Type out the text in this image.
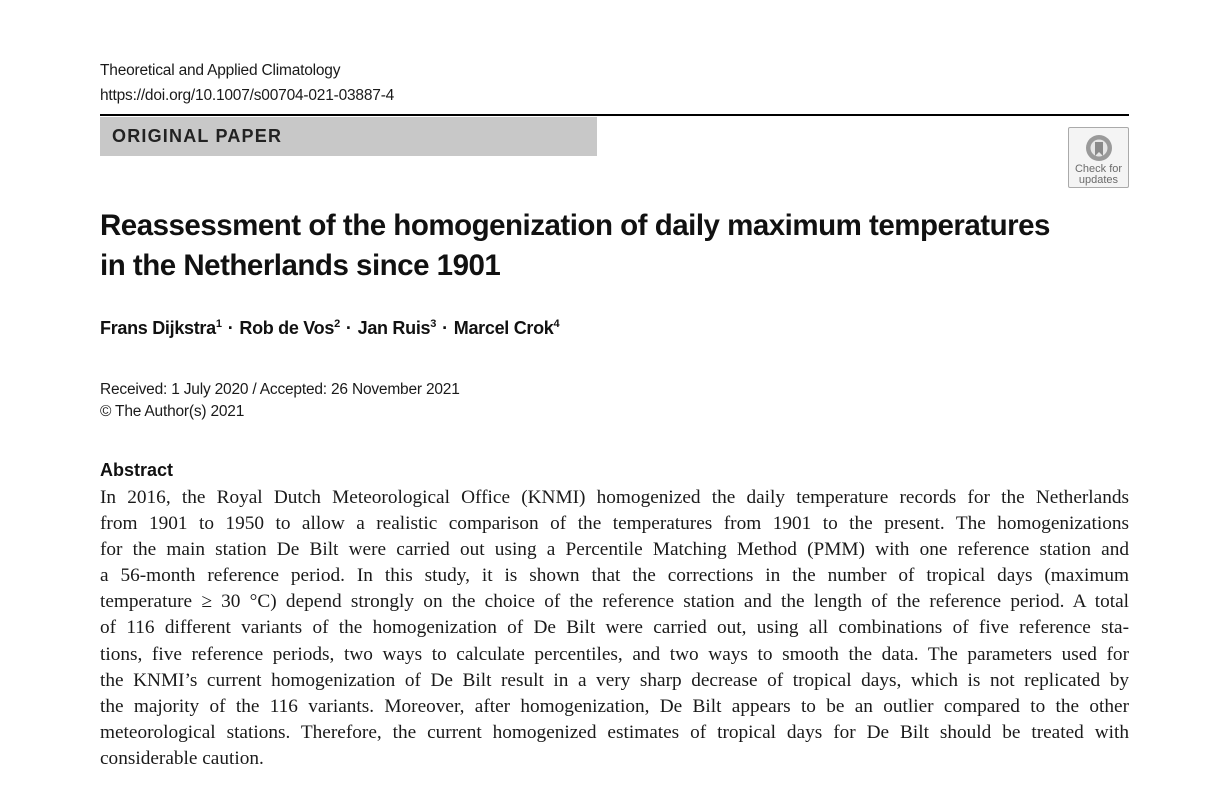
Theoretical and Applied Climatology
https://doi.org/10.1007/s00704-021-03887-4
ORIGINAL PAPER
Check for
updates
Reassessment of the homogenization of daily maximum temperatures
in the Netherlands since 1901
Frans Dijkstra$^1$ · Rob de Vos$^2$ · Jan Ruis$^3$ · Marcel Crok$^4$
Received: 1 July 2020 / Accepted: 26 November 2021
© The Author(s) 2021
Abstract
In 2016, the Royal Dutch Meteorological Office (KNMI) homogenized the daily temperature records for the Netherlands
from 1901 to 1950 to allow a realistic comparison of the temperatures from 1901 to the present. The homogenizations
for the main station De Bilt were carried out using a Percentile Matching Method (PMM) with one reference station and
a 56-month reference period. In this study, it is shown that the corrections in the number of tropical days (maximum
temperature ≥ 30 °C) depend strongly on the choice of the reference station and the length of the reference period. A total
of 116 different variants of the homogenization of De Bilt were carried out, using all combinations of five reference sta-
tions, five reference periods, two ways to calculate percentiles, and two ways to smooth the data. The parameters used for
the KNMI’s current homogenization of De Bilt result in a very sharp decrease of tropical days, which is not replicated by
the majority of the 116 variants. Moreover, after homogenization, De Bilt appears to be an outlier compared to the other
meteorological stations. Therefore, the current homogenized estimates of tropical days for De Bilt should be treated with
considerable caution.
